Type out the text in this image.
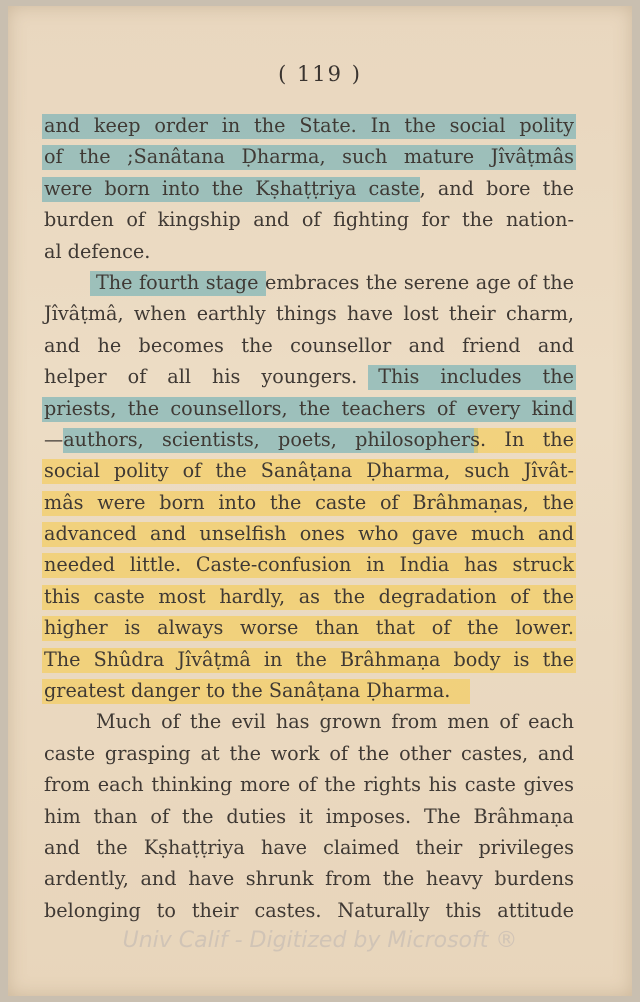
( 119 )
and keep order in the State. In the social polity
of the ;Sanâtana Ḍharma, such mature Jîvâṭmâs
were born into the Kṣhaṭṭriya caste, and bore the
burden of kingship and of fighting for the nation-
al defence.
The fourth stage embraces the serene age of the
Jîvâṭmâ, when earthly things have lost their charm,
and he becomes the counsellor and friend and
helper of all his youngers. This includes the
priests, the counsellors, the teachers of every kind
—authors, scientists, poets, philosophers. In the
social polity of the Sanâṭana Ḍharma, such Jîvât-
mâs were born into the caste of Brâhmaṇas, the
advanced and unselfish ones who gave much and
needed little. Caste-confusion in India has struck
this caste most hardly, as the degradation of the
higher is always worse than that of the lower.
The Shûdra Jîvâṭmâ in the Brâhmaṇa body is the
greatest danger to the Sanâṭana Ḍharma.
Much of the evil has grown from men of each
caste grasping at the work of the other castes, and
from each thinking more of the rights his caste gives
him than of the duties it imposes. The Brâhmaṇa
and the Kṣhaṭṭriya have claimed their privileges
ardently, and have shrunk from the heavy burdens
belonging to their castes. Naturally this attitude
Univ Calif - Digitized by Microsoft ®
